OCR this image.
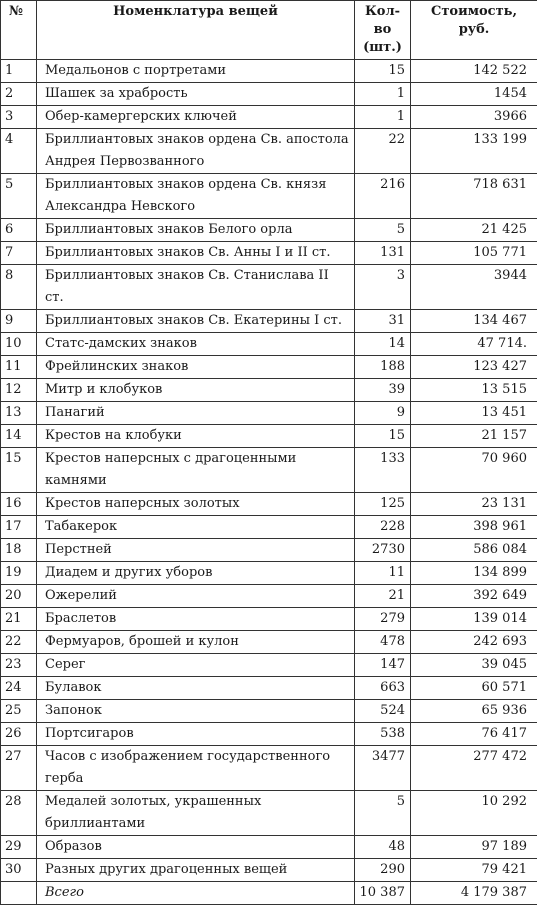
№	Номенклатура вещей	Кол-во (шт.)	Стоимость, руб.
1	Медальонов с портретами	15	142 522
2	Шашек за храбрость	1	1454
3	Обер-камергерских ключей	1	3966
4	Бриллиантовых знаков ордена Св. апостола Андрея Первозванного	22	133 199
5	Бриллиантовых знаков ордена Св. князя Александра Невского	216	718 631
6	Бриллиантовых знаков Белого орла	5	21 425
7	Бриллиантовых знаков Св. Анны I и II ст.	131	105 771
8	Бриллиантовых знаков Св. Станислава II ст.	3	3944
9	Бриллиантовых знаков Св. Екатерины I ст.	31	134 467
10	Статс-дамских знаков	14	47 714.
11	Фрейлинских знаков	188	123 427
12	Митр и клобуков	39	13 515
13	Панагий	9	13 451
14	Крестов на клобуки	15	21 157
15	Крестов наперсных с драгоценными камнями	133	70 960
16	Крестов наперсных золотых	125	23 131
17	Табакерок	228	398 961
18	Перстней	2730	586 084
19	Диадем и других уборов	11	134 899
20	Ожерелий	21	392 649
21	Браслетов	279	139 014
22	Фермуаров, брошей и кулон	478	242 693
23	Серег	147	39 045
24	Булавок	663	60 571
25	Запонок	524	65 936
26	Портсигаров	538	76 417
27	Часов с изображением государственного герба	3477	277 472
28	Медалей золотых, украшенных бриллиантами	5	10 292
29	Образов	48	97 189
30	Разных других драгоценных вещей	290	79 421
	Всего	10 387	4 179 387
